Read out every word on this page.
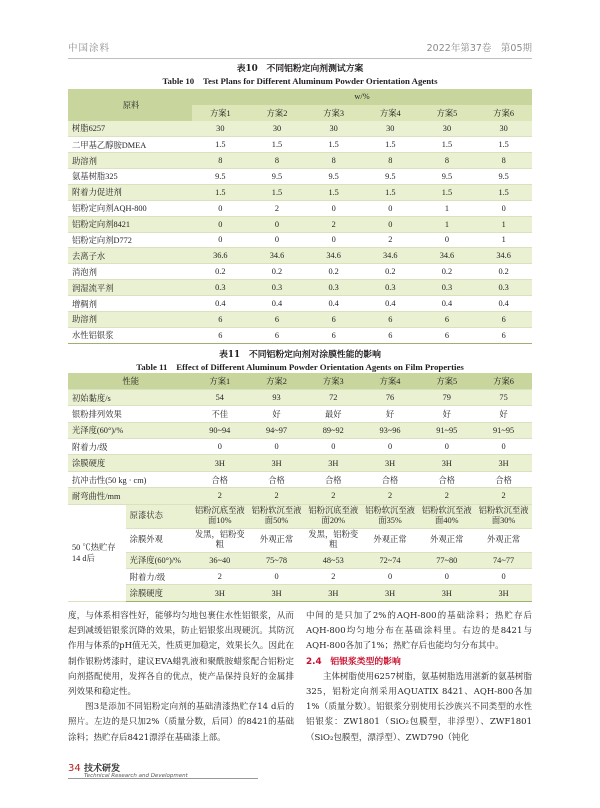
中国涂料	2022年第37卷　第05期
表10　不同铝粉定向剂测试方案
Table 10　Test Plans for Different Aluminum Powder Orientation Agents
原料	w/%					
	方案1	方案2	方案3	方案4	方案5	方案6
树脂6257	30	30	30	30	30	30
二甲基乙醇胺DMEA	1.5	1.5	1.5	1.5	1.5	1.5
助溶剂	8	8	8	8	8	8
氨基树脂325	9.5	9.5	9.5	9.5	9.5	9.5
附着力促进剂	1.5	1.5	1.5	1.5	1.5	1.5
铝粉定向剂AQH-800	0	2	0	0	1	0
铝粉定向剂8421	0	0	2	0	1	1
铝粉定向剂D772	0	0	0	2	0	1
去离子水	36.6	34.6	34.6	34.6	34.6	34.6
消泡剂	0.2	0.2	0.2	0.2	0.2	0.2
润湿流平剂	0.3	0.3	0.3	0.3	0.3	0.3
增稠剂	0.4	0.4	0.4	0.4	0.4	0.4
助溶剂	6	6	6	6	6	6
水性铝银浆	6	6	6	6	6	6
表11　不同铝粉定向剂对涂膜性能的影响
Table 11　Effect of Different Aluminum Powder Orientation Agents on Film Properties
性能		方案1	方案2	方案3	方案4	方案5	方案6
初始黏度/s		54	93	72	76	79	75
银粉排列效果		不佳	好	最好	好	好	好
光泽度(60°)/%		90~94	94~97	89~92	93~96	91~95	91~95
附着力/级		0	0	0	0	0	0
涂膜硬度		3H	3H	3H	3H	3H	3H
抗冲击性(50 kg · cm)		合格	合格	合格	合格	合格	合格
耐弯曲性/mm		2	2	2	2	2	2
50 ℃热贮存 14 d后	原漆状态	铝粉沉底至液面10%	铝粉软沉至液面50%	铝粉沉底至液面20%	铝粉软沉至液面35%	铝粉软沉至液面40%	铝粉软沉至液面30%
	涂膜外观	发黑，铝粉变粗	外观正常	发黑，铝粉变粗	外观正常	外观正常	外观正常
	光泽度(60°)/%	36~40	75~78	48~53	72~74	77~80	74~77
	附着力/级	2	0	2	0	0	0
	涂膜硬度	3H	3H	3H	3H	3H	3H

度，与体系相容性好，能够均匀地包裹住水性铝银浆，从而起到减缓铝银浆沉降的效果，防止铝银浆出现硬沉。其防沉作用与体系的pH值无关，性质更加稳定，效果长久。因此在制作银粉烤漆时，建议EVA蜡乳液和聚酰胺蜡浆配合铝粉定向剂搭配使用，发挥各自的优点，使产品保持良好的金属排列效果和稳定性。

图3是添加不同铝粉定向剂的基础清漆热贮存14 d后的照片。左边的是只加2%（质量分数，后同）的8421的基础涂料；热贮存后8421漂浮在基础漆上部。

中间的是只加了2%的AQH-800的基础涂料；热贮存后AQH-800均匀地分布在基础涂料里。右边的是8421与AQH-800各加了1%；热贮存后也能均匀分布其中。

2.4　铝银浆类型的影响

主体树脂使用6257树脂，氨基树脂选用湛新的氨基树脂325，铝粉定向剂采用AQUATIX 8421、AQH-800各加1%（质量分数）。铝银浆分别使用长沙族兴不同类型的水性铝银浆：ZW1801（SiO₂包膜型，非浮型）、ZWF1801（SiO₂包膜型，漂浮型）、ZWD790（钝化

34 技术研发
Technical Research and Development
